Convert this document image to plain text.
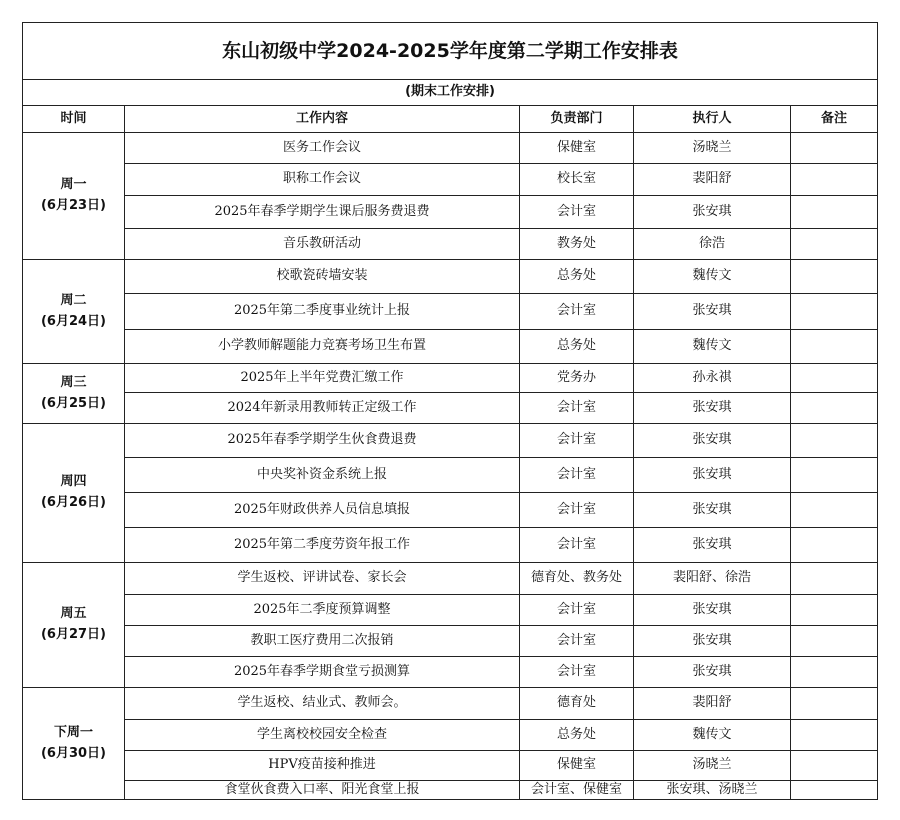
东山初级中学2024-2025学年度第二学期工作安排表				
(期末工作安排)				
时间	工作内容	负责部门	执行人	备注

周一
(6月23日)	医务工作会议	保健室	汤晓兰	
	职称工作会议	校长室	裴阳舒	
	2025年春季学期学生课后服务费退费	会计室	张安琪	
	音乐教研活动	教务处	徐浩	

周二
(6月24日)	校歌瓷砖墙安装	总务处	魏传文	
	2025年第二季度事业统计上报	会计室	张安琪	
	小学教师解题能力竞赛考场卫生布置	总务处	魏传文	

周三
(6月25日)	2025年上半年党费汇缴工作	党务办	孙永祺	
	2024年新录用教师转正定级工作	会计室	张安琪	

周四
(6月26日)	2025年春季学期学生伙食费退费	会计室	张安琪	
	中央奖补资金系统上报	会计室	张安琪	
	2025年财政供养人员信息填报	会计室	张安琪	
	2025年第二季度劳资年报工作	会计室	张安琪	

周五
(6月27日)	学生返校、评讲试卷、家长会	德育处、教务处	裴阳舒、徐浩	
	2025年二季度预算调整	会计室	张安琪	
	教职工医疗费用二次报销	会计室	张安琪	
	2025年春季学期食堂亏损测算	会计室	张安琪	

下周一
(6月30日)	学生返校、结业式、教师会。	德育处	裴阳舒	
	学生离校校园安全检查	总务处	魏传文	
	HPV疫苗接种推进	保健室	汤晓兰	
	食堂伙食费入口率、阳光食堂上报	会计室、保健室	张安琪、汤晓兰	
